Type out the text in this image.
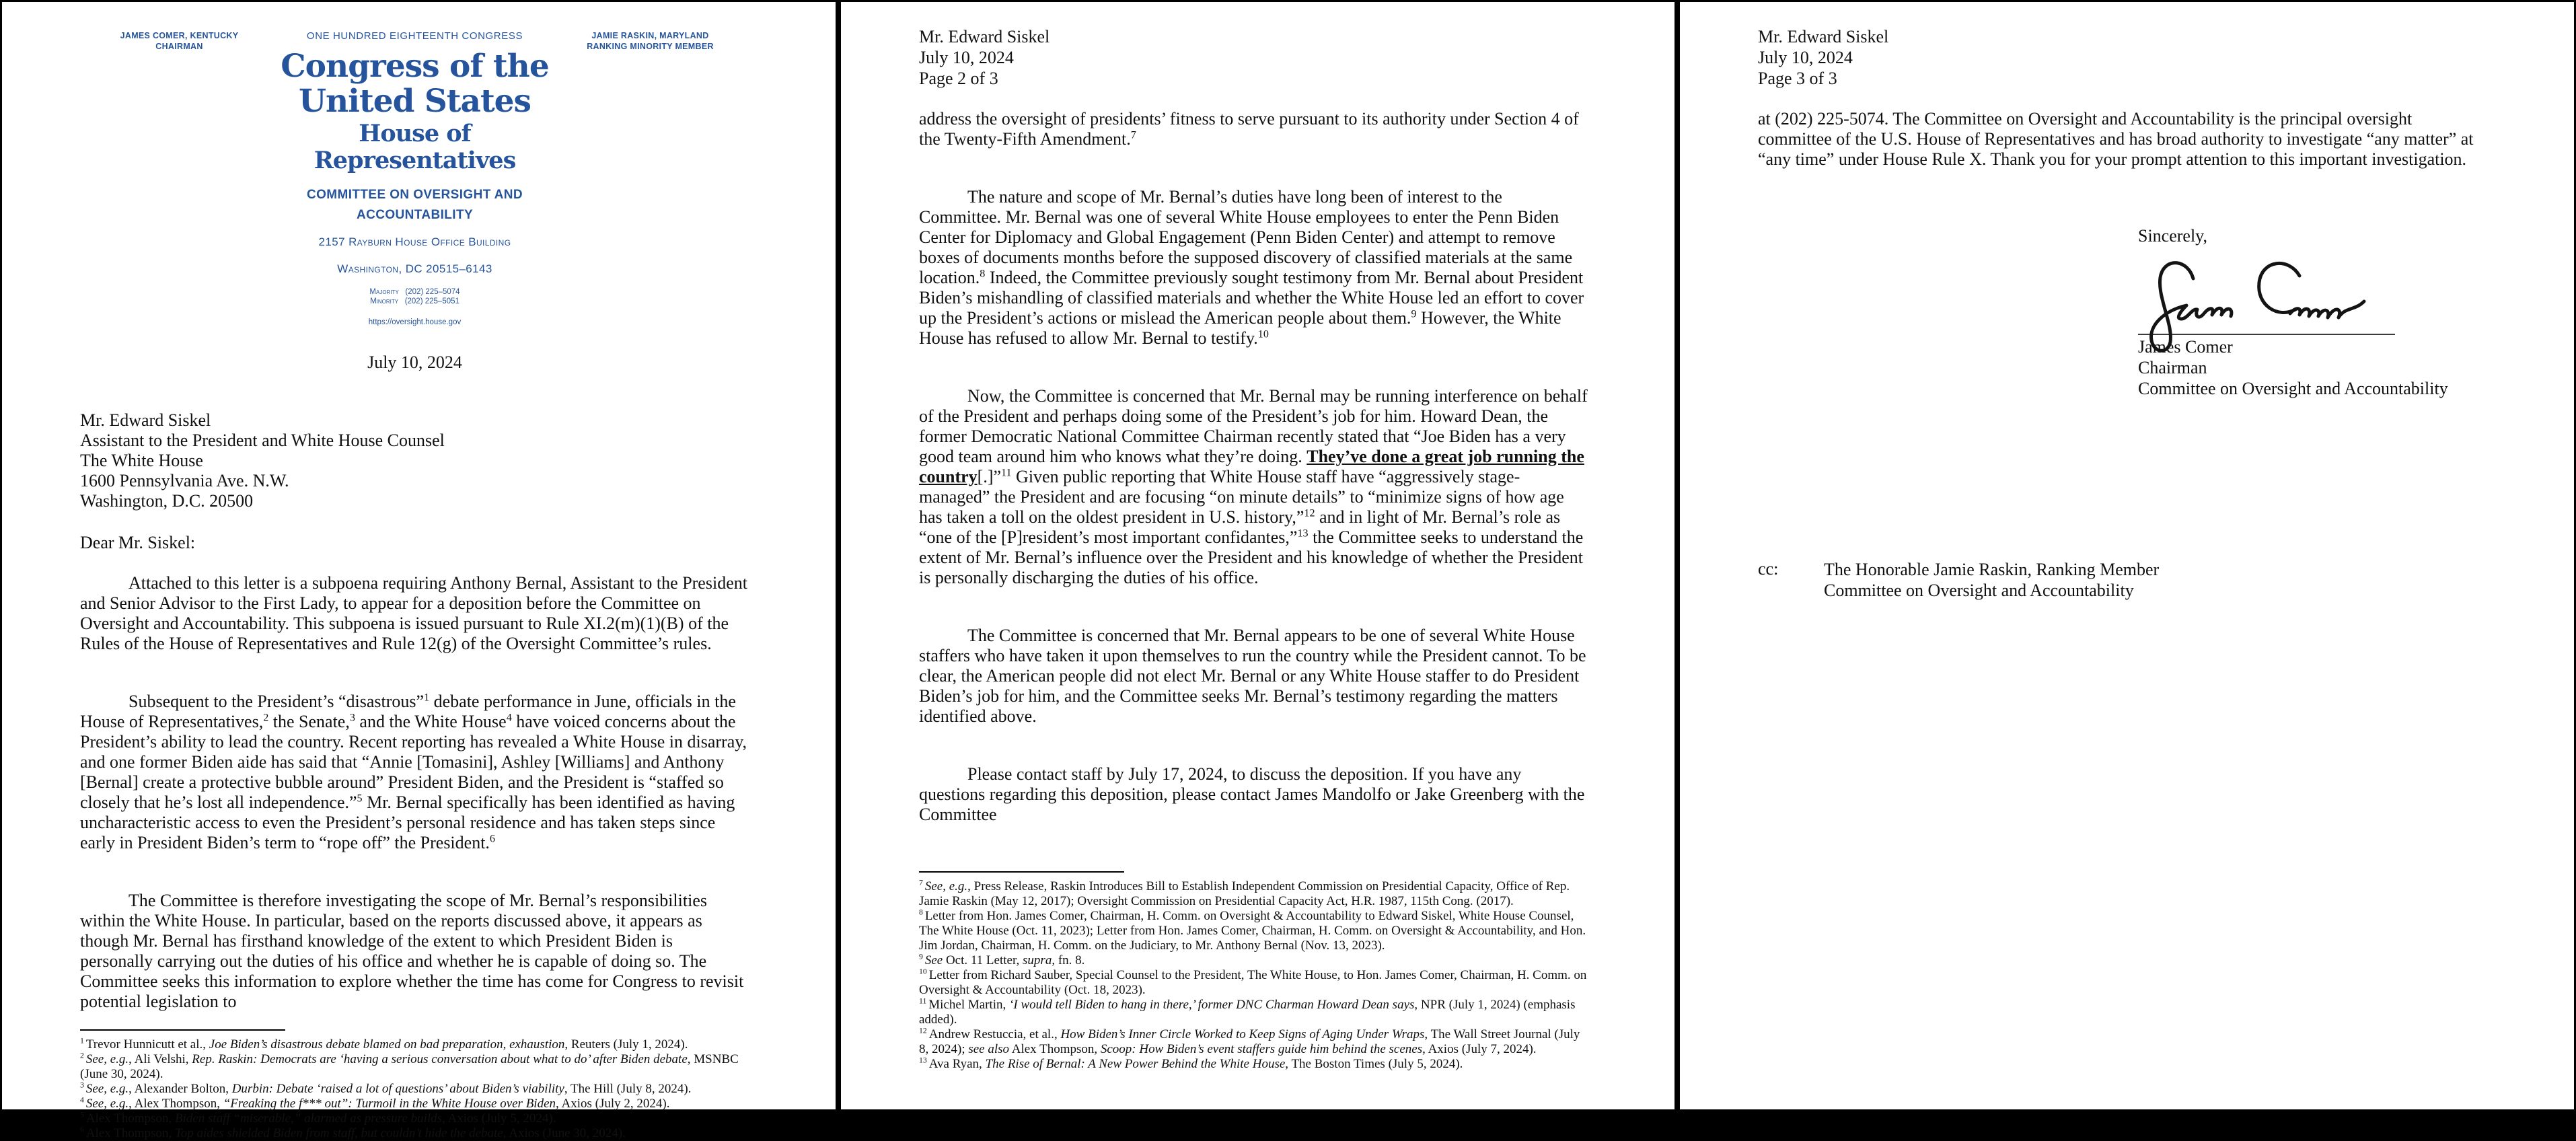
JAMES COMER, KENTUCKY
CHAIRMAN
ONE HUNDRED EIGHTEENTH CONGRESS
Congress of the United States
House of Representatives
COMMITTEE ON OVERSIGHT AND ACCOUNTABILITY
2157 Rayburn House Office Building
Washington, DC 20515–6143
Majority   (202) 225–5074
Minority   (202) 225–5051
https://oversight.house.gov
JAMIE RASKIN, MARYLAND
RANKING MINORITY MEMBER
July 10, 2024
Mr. Edward Siskel
Assistant to the President and White House Counsel
The White House
1600 Pennsylvania Ave. N.W.
Washington, D.C. 20500
Dear Mr. Siskel:

Attached to this letter is a subpoena requiring Anthony Bernal, Assistant to the President and Senior Advisor to the First Lady, to appear for a deposition before the Committee on Oversight and Accountability. This subpoena is issued pursuant to Rule XI.2(m)(1)(B) of the Rules of the House of Representatives and Rule 12(g) of the Oversight Committee’s rules.

Subsequent to the President’s “disastrous”$^1$ debate performance in June, officials in the House of Representatives,$^2$ the Senate,$^3$ and the White House$^4$ have voiced concerns about the President’s ability to lead the country. Recent reporting has revealed a White House in disarray, and one former Biden aide has said that “Annie [Tomasini], Ashley [Williams] and Anthony [Bernal] create a protective bubble around” President Biden, and the President is “staffed so closely that he’s lost all independence.”$^5$ Mr. Bernal specifically has been identified as having uncharacteristic access to even the President’s personal residence and has taken steps since early in President Biden’s term to “rope off” the President.$^6$

The Committee is therefore investigating the scope of Mr. Bernal’s responsibilities within the White House. In particular, based on the reports discussed above, it appears as though Mr. Bernal has firsthand knowledge of the extent to which President Biden is personally carrying out the duties of his office and whether he is capable of doing so. The Committee seeks this information to explore whether the time has come for Congress to revisit potential legislation to

$^1$ Trevor Hunnicutt et al., Joe Biden’s disastrous debate blamed on bad preparation, exhaustion, Reuters (July 1, 2024).

$^2$ See, e.g., Ali Velshi, Rep. Raskin: Democrats are ‘having a serious conversation about what to do’ after Biden debate, MSNBC (June 30, 2024).

$^3$ See, e.g., Alexander Bolton, Durbin: Debate ‘raised a lot of questions’ about Biden’s viability, The Hill (July 8, 2024).

$^4$ See, e.g., Alex Thompson, “Freaking the f*** out”: Turmoil in the White House over Biden, Axios (July 2, 2024).

$^5$ Alex Thompson, Biden staff “miserable,” alarmed as pressure builds, Axios (July 5, 2024).

$^6$ Alex Thompson, Top aides shielded Biden from staff, but couldn’t hide the debate, Axios (June 30, 2024).

Mr. Edward Siskel
July 10, 2024
Page 2 of 3

address the oversight of presidents’ fitness to serve pursuant to its authority under Section 4 of the Twenty-Fifth Amendment.$^7$

The nature and scope of Mr. Bernal’s duties have long been of interest to the Committee. Mr. Bernal was one of several White House employees to enter the Penn Biden Center for Diplomacy and Global Engagement (Penn Biden Center) and attempt to remove boxes of documents months before the supposed discovery of classified materials at the same location.$^8$ Indeed, the Committee previously sought testimony from Mr. Bernal about President Biden’s mishandling of classified materials and whether the White House led an effort to cover up the President’s actions or mislead the American people about them.$^9$ However, the White House has refused to allow Mr. Bernal to testify.$^{10}$

Now, the Committee is concerned that Mr. Bernal may be running interference on behalf of the President and perhaps doing some of the President’s job for him. Howard Dean, the former Democratic National Committee Chairman recently stated that “Joe Biden has a very good team around him who knows what they’re doing. They’ve done a great job running the country[.]”$^{11}$ Given public reporting that White House staff have “aggressively stage-managed” the President and are focusing “on minute details” to “minimize signs of how age has taken a toll on the oldest president in U.S. history,”$^{12}$ and in light of Mr. Bernal’s role as “one of the [P]resident’s most important confidantes,”$^{13}$ the Committee seeks to understand the extent of Mr. Bernal’s influence over the President and his knowledge of whether the President is personally discharging the duties of his office.

The Committee is concerned that Mr. Bernal appears to be one of several White House staffers who have taken it upon themselves to run the country while the President cannot. To be clear, the American people did not elect Mr. Bernal or any White House staffer to do President Biden’s job for him, and the Committee seeks Mr. Bernal’s testimony regarding the matters identified above.

Please contact staff by July 17, 2024, to discuss the deposition. If you have any questions regarding this deposition, please contact James Mandolfo or Jake Greenberg with the Committee

$^7$ See, e.g., Press Release, Raskin Introduces Bill to Establish Independent Commission on Presidential Capacity, Office of Rep. Jamie Raskin (May 12, 2017); Oversight Commission on Presidential Capacity Act, H.R. 1987, 115th Cong. (2017).

$^8$ Letter from Hon. James Comer, Chairman, H. Comm. on Oversight & Accountability to Edward Siskel, White House Counsel, The White House (Oct. 11, 2023); Letter from Hon. James Comer, Chairman, H. Comm. on Oversight & Accountability, and Hon. Jim Jordan, Chairman, H. Comm. on the Judiciary, to Mr. Anthony Bernal (Nov. 13, 2023).

$^9$ See Oct. 11 Letter, supra, fn. 8.

$^{10}$ Letter from Richard Sauber, Special Counsel to the President, The White House, to Hon. James Comer, Chairman, H. Comm. on Oversight & Accountability (Oct. 18, 2023).

$^{11}$ Michel Martin, ‘I would tell Biden to hang in there,’ former DNC Charman Howard Dean says, NPR (July 1, 2024) (emphasis added).

$^{12}$ Andrew Restuccia, et al., How Biden’s Inner Circle Worked to Keep Signs of Aging Under Wraps, The Wall Street Journal (July 8, 2024); see also Alex Thompson, Scoop: How Biden’s event staffers guide him behind the scenes, Axios (July 7, 2024).

$^{13}$ Ava Ryan, The Rise of Bernal: A New Power Behind the White House, The Boston Times (July 5, 2024).

Mr. Edward Siskel
July 10, 2024
Page 3 of 3

at (202) 225-5074. The Committee on Oversight and Accountability is the principal oversight committee of the U.S. House of Representatives and has broad authority to investigate “any matter” at “any time” under House Rule X. Thank you for your prompt attention to this important investigation.

Sincerely,
James Comer
Chairman
Committee on Oversight and Accountability
cc:	The Honorable Jamie Raskin, Ranking Member
Committee on Oversight and Accountability
